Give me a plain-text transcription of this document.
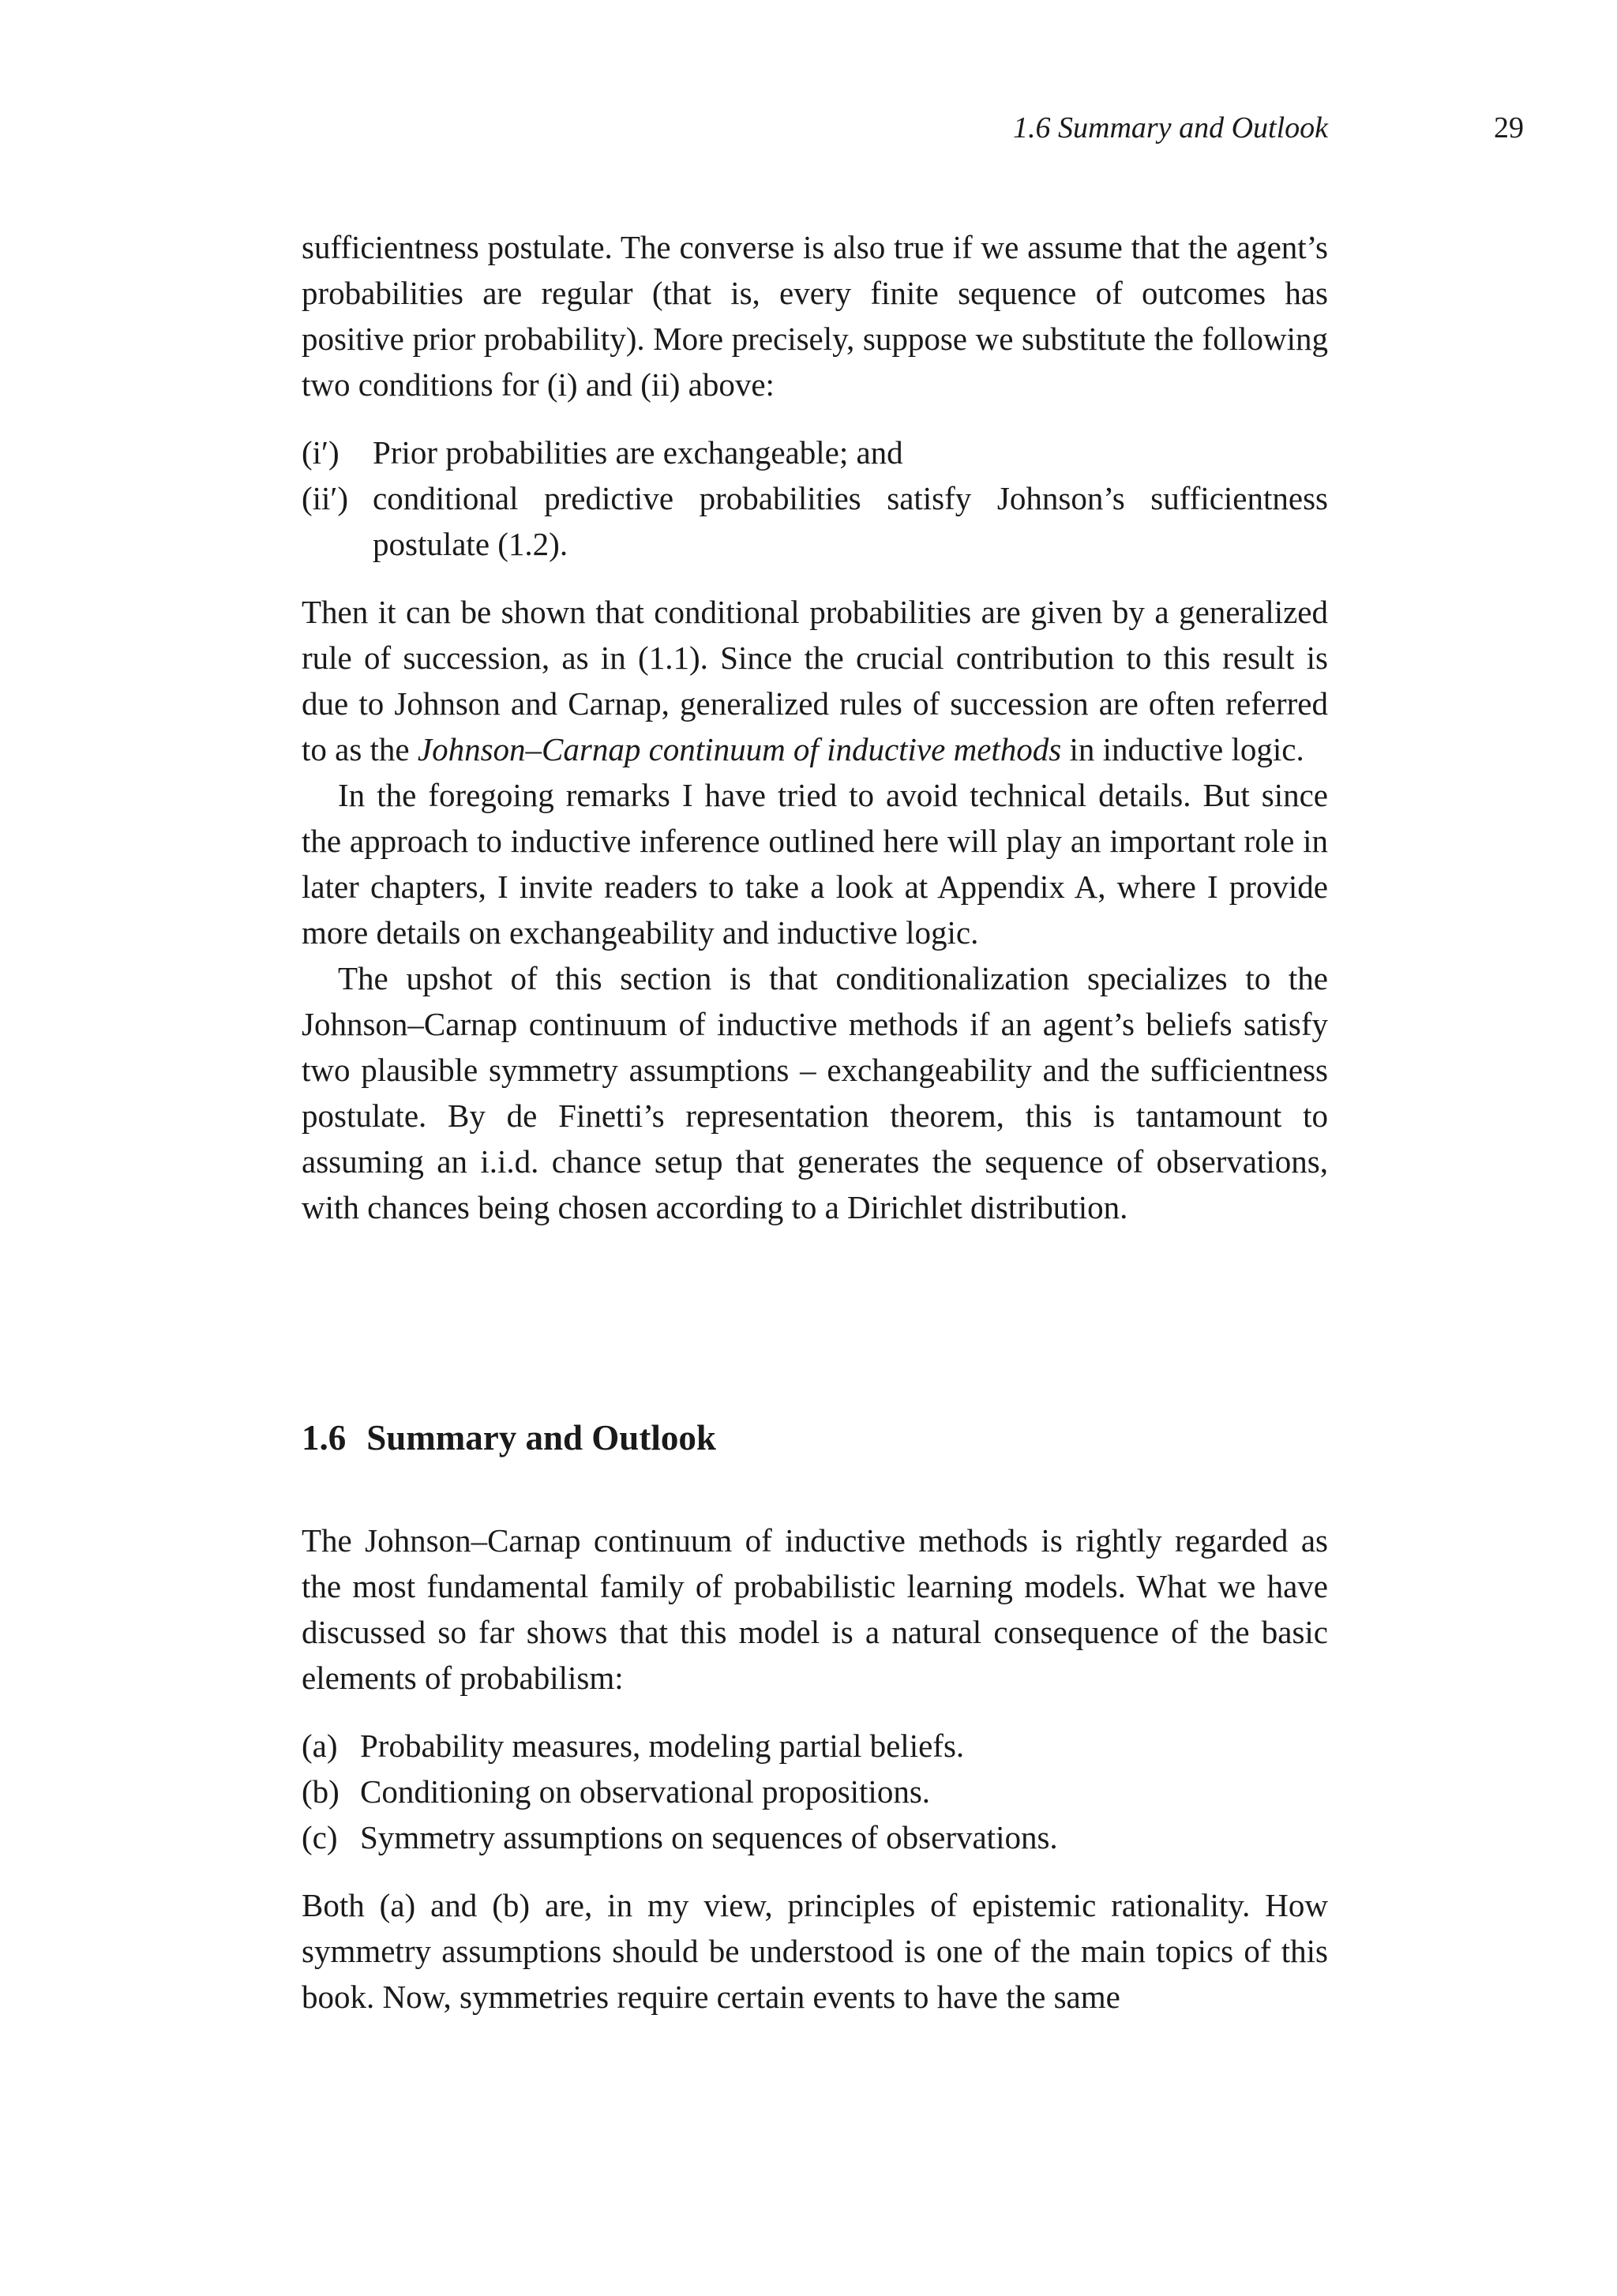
1.6 Summary and Outlook	29

sufficientness postulate. The converse is also true if we assume that the agent’s probabilities are regular (that is, every finite sequence of outcomes has positive prior probability). More precisely, suppose we substitute the following two conditions for (i) and (ii) above:

(i′)	Prior probabilities are exchangeable; and
(ii′) conditional predictive probabilities satisfy Johnson’s sufficientness postulate (1.2).

Then it can be shown that conditional probabilities are given by a generalized rule of succession, as in (1.1). Since the crucial contribution to this result is due to Johnson and Carnap, generalized rules of succession are often referred to as the Johnson–Carnap continuum of inductive methods in inductive logic.

In the foregoing remarks I have tried to avoid technical details. But since the approach to inductive inference outlined here will play an important role in later chapters, I invite readers to take a look at Appendix A, where I provide more details on exchangeability and inductive logic.

The upshot of this section is that conditionalization specializes to the Johnson–Carnap continuum of inductive methods if an agent’s beliefs satisfy two plausible symmetry assumptions – exchangeability and the sufficientness postulate. By de Finetti’s representation theorem, this is tantamount to assuming an i.i.d. chance setup that generates the sequence of observations, with chances being chosen according to a Dirichlet distribution.

1.6 Summary and Outlook

The Johnson–Carnap continuum of inductive methods is rightly regarded as the most fundamental family of probabilistic learning models. What we have discussed so far shows that this model is a natural consequence of the basic elements of probabilism:

(a) Probability measures, modeling partial beliefs.
(b) Conditioning on observational propositions.
(c) Symmetry assumptions on sequences of observations.

Both (a) and (b) are, in my view, principles of epistemic rationality. How symmetry assumptions should be understood is one of the main topics of this book. Now, symmetries require certain events to have the same
